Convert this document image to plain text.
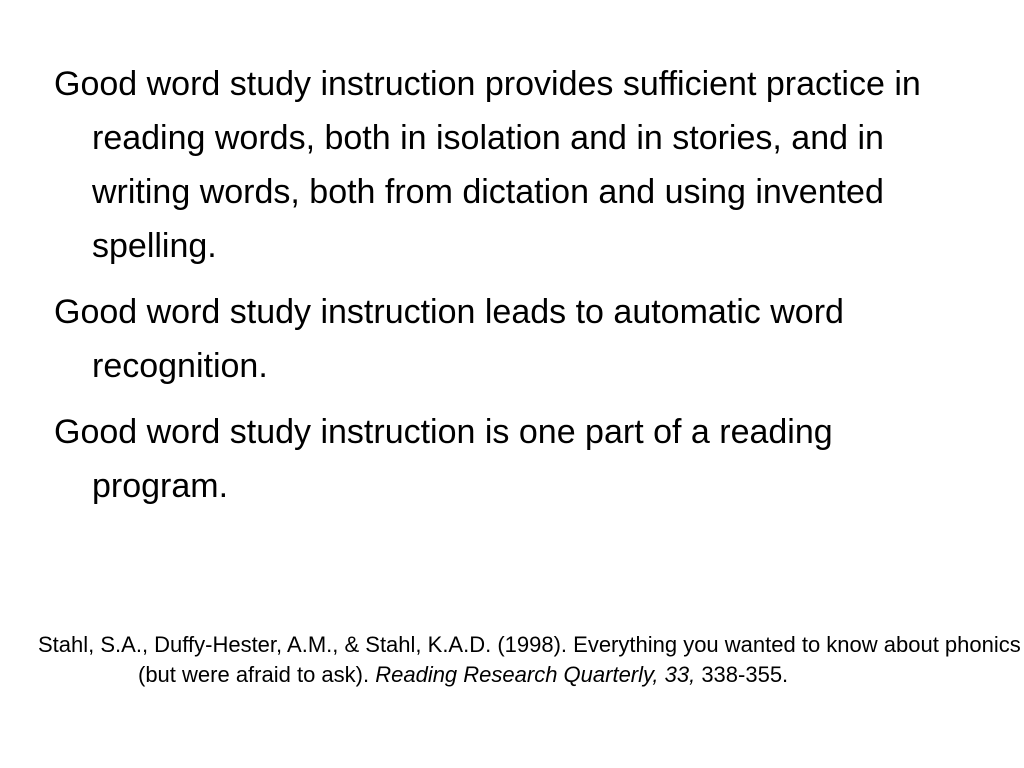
Good word study instruction provides sufficient practice in reading words, both in isolation and in stories, and in writing words, both from dictation and using invented spelling.
Good word study instruction leads to automatic word recognition.
Good word study instruction is one part of a reading program.

Stahl, S.A., Duffy-Hester, A.M., & Stahl, K.A.D. (1998). Everything you wanted to know about phonics (but were afraid to ask). Reading Research Quarterly, 33, 338-355.
